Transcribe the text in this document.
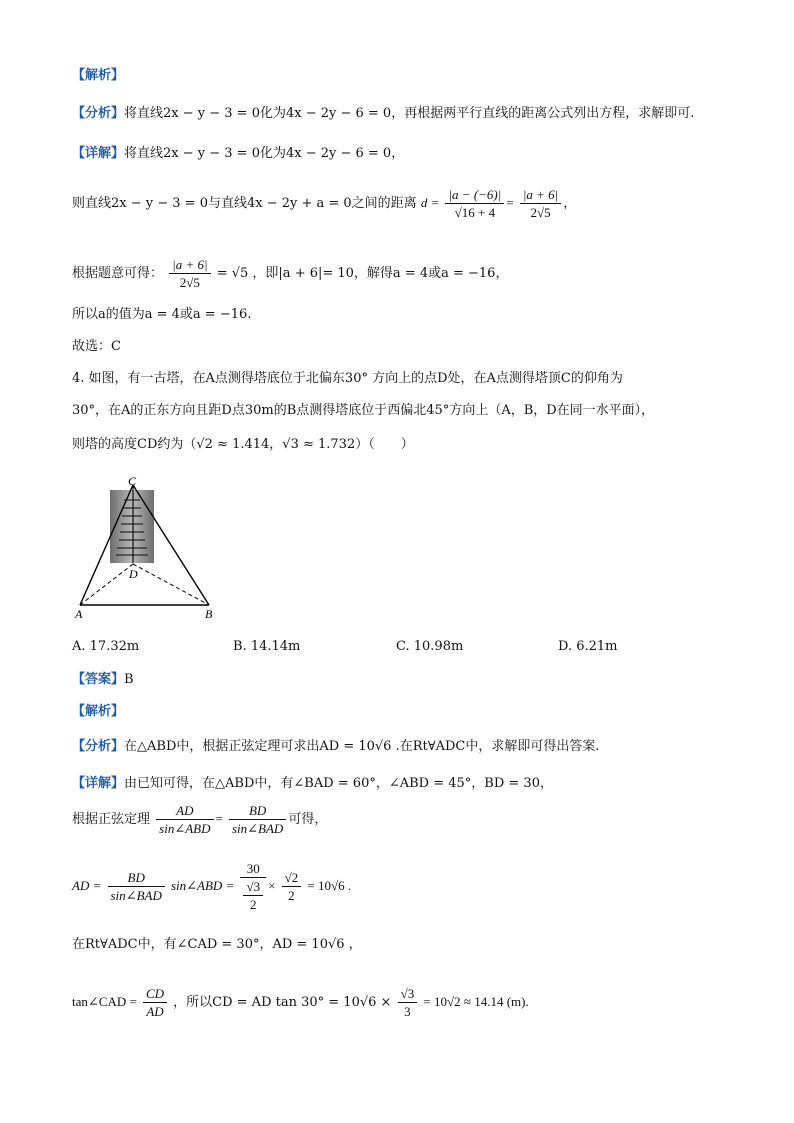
【解析】
【分析】将直线2x − y − 3 = 0化为4x − 2y − 6 = 0，再根据两平行直线的距离公式列出方程，求解即可.
【详解】将直线2x − y − 3 = 0化为4x − 2y − 6 = 0，
则直线2x − y − 3 = 0与直线4x − 2y + a = 0之间的距离 $d = \frac{|a - (-6)|}{√16 + 4} = \frac{|a + 6|}{2√5}$ ，
根据题意可得： $\frac{|a + 6|}{2√5} = √5$ ，即|a + 6|= 10，解得a = 4或a = −16，
所以a的值为a = 4或a = −16.
故选：C
4. 如图，有一古塔，在A点测得塔底位于北偏东30° 方向上的点D处，在A点测得塔顶C的仰角为
30°，在A的正东方向且距D点30m的B点测得塔底位于西偏北45°方向上（A，B，D在同一水平面），
则塔的高度CD约为（√2 ≈ 1.414，√3 ≈ 1.732）（　　）
C
D
A	B
A. 17.32m	B. 14.14m	C. 10.98m	D. 6.21m
【答案】B
【解析】
【分析】在△ABD中，根据正弦定理可求出AD = 10√6 .在Rt∀ADC中，求解即可得出答案.
【详解】由已知可得，在△ABD中，有∠BAD = 60°，∠ABD = 45°，BD = 30，
根据正弦定理 $\frac{AD}{\text{sin∠ABD}} = \frac{BD}{\text{sin∠BAD}}$ 可得，
AD = $\frac{BD}{\text{sin∠BAD}}$ sin∠ABD = 30
√3
$2 \times \frac{√2}{2} = 10√6$ .
在Rt∀ADC中，有∠CAD = 30°，AD = 10√6 ，
tan∠CAD = $\frac{CD}{AD}$ ，所以CD = AD $\tan 30^\circ = 10√6 \times \frac{√3}{3} = 10√2 \approx 14.14$ (m).
